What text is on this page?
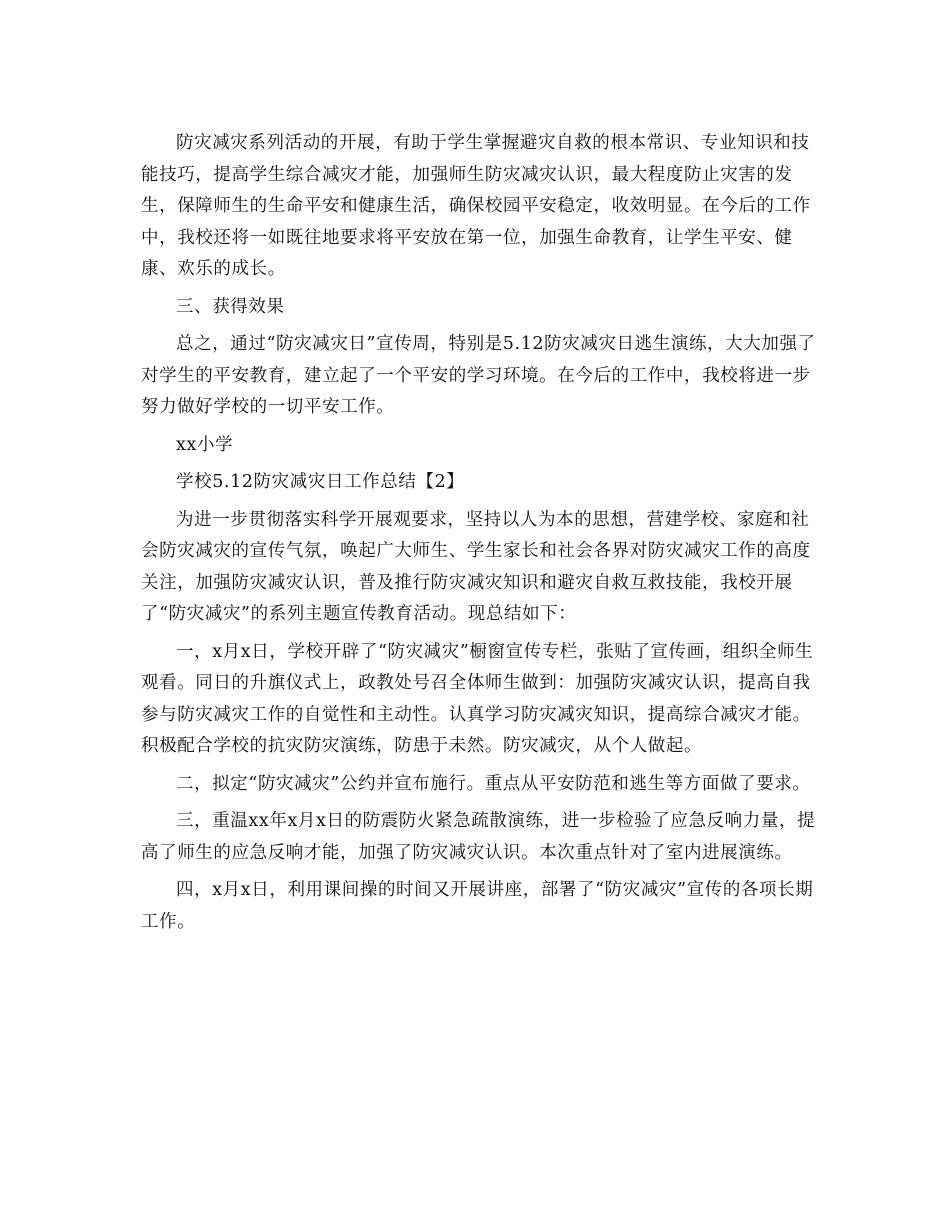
防灾减灾系列活动的开展，有助于学生掌握避灾自救的根本常识、专业知识和技能技巧，提高学生综合减灾才能，加强师生防灾减灾认识，最大程度防止灾害的发生，保障师生的生命平安和健康生活，确保校园平安稳定，收效明显。在今后的工作中，我校还将一如既往地要求将平安放在第一位，加强生命教育，让学生平安、健康、欢乐的成长。

三、获得效果

总之，通过“防灾减灾日”宣传周，特别是5.12防灾减灾日逃生演练，大大加强了对学生的平安教育，建立起了一个平安的学习环境。在今后的工作中，我校将进一步努力做好学校的一切平安工作。

xx小学

学校5.12防灾减灾日工作总结【2】

为进一步贯彻落实科学开展观要求，坚持以人为本的思想，营建学校、家庭和社会防灾减灾的宣传气氛，唤起广大师生、学生家长和社会各界对防灾减灾工作的高度关注，加强防灾减灾认识，普及推行防灾减灾知识和避灾自救互救技能，我校开展了“防灾减灾”的系列主题宣传教育活动。现总结如下：

一，x月x日，学校开辟了“防灾减灾”橱窗宣传专栏，张贴了宣传画，组织全师生观看。同日的升旗仪式上，政教处号召全体师生做到：加强防灾减灾认识，提高自我参与防灾减灾工作的自觉性和主动性。认真学习防灾减灾知识，提高综合减灾才能。积极配合学校的抗灾防灾演练，防患于未然。防灾减灾，从个人做起。

二，拟定“防灾减灾”公约并宣布施行。重点从平安防范和逃生等方面做了要求。

三，重温xx年x月x日的防震防火紧急疏散演练，进一步检验了应急反响力量，提高了师生的应急反响才能，加强了防灾减灾认识。本次重点针对了室内进展演练。

四，x月x日，利用课间操的时间又开展讲座，部署了“防灾减灾”宣传的各项长期工作。
